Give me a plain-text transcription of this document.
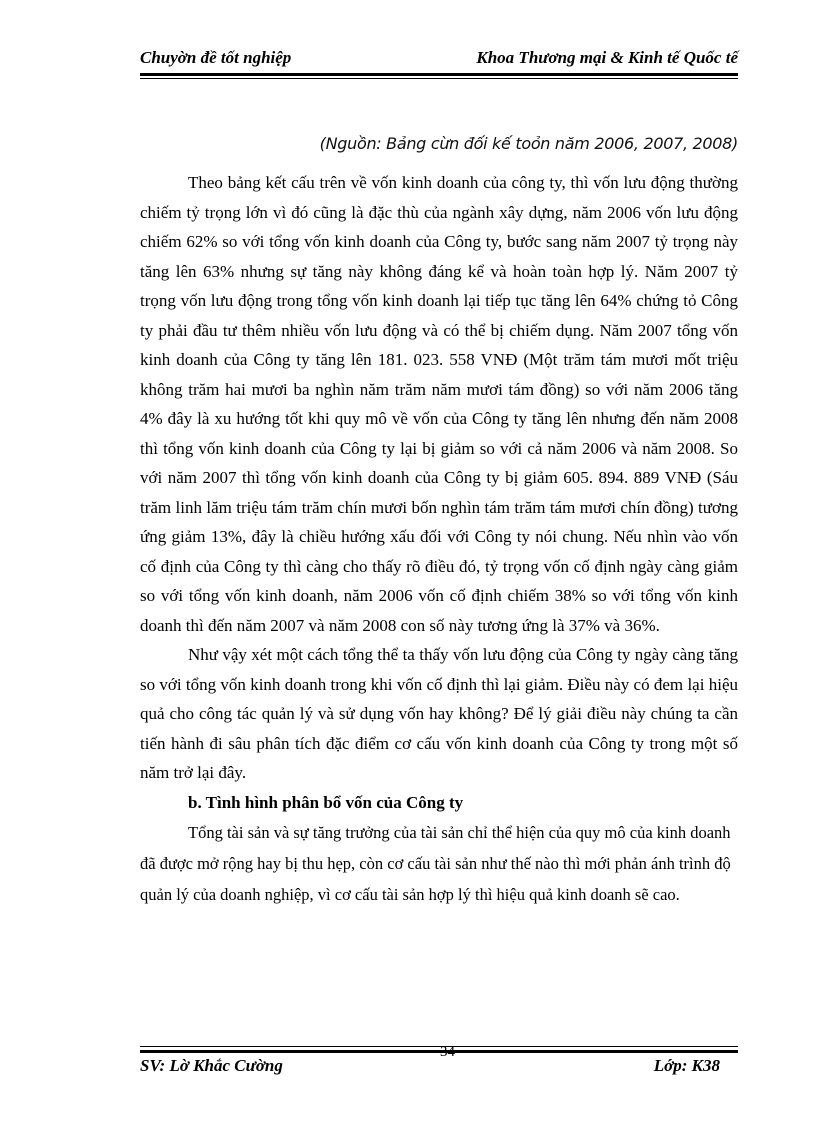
Chuyờn đề tốt nghiệp	Khoa Thương mại & Kinh tế Quốc tế
(Nguồn: Bảng cừn đối kế toỏn năm 2006, 2007, 2008)

Theo bảng kết cấu trên về vốn kinh doanh của công ty, thì vốn lưu động thường chiếm tỷ trọng lớn vì đó cũng là đặc thù của ngành xây dựng, năm 2006 vốn lưu động chiếm 62% so với tổng vốn kinh doanh của Công ty, bước sang năm 2007 tỷ trọng này tăng lên 63% nhưng sự tăng này không đáng kể và hoàn toàn hợp lý. Năm 2007 tỷ trọng vốn lưu động trong tổng vốn kinh doanh lại tiếp tục tăng lên 64% chứng tỏ Công ty phải đầu tư thêm nhiều vốn lưu động và có thể bị chiếm dụng. Năm 2007 tổng vốn kinh doanh của Công ty tăng lên 181. 023. 558 VNĐ (Một trăm tám mươi mốt triệu không trăm hai mươi ba nghìn năm trăm năm mươi tám đồng) so với năm 2006 tăng 4% đây là xu hướng tốt khi quy mô về vốn của Công ty tăng lên nhưng đến năm 2008 thì tổng vốn kinh doanh của Công ty lại bị giảm so với cả năm 2006 và năm 2008. So với năm 2007 thì tổng vốn kinh doanh của Công ty bị giảm 605. 894. 889 VNĐ (Sáu trăm linh lăm triệu tám trăm chín mươi bốn nghìn tám trăm tám mươi chín đồng) tương ứng giảm 13%, đây là chiều hướng xấu đối với Công ty nói chung. Nếu nhìn vào vốn cố định của Công ty thì càng cho thấy rõ điều đó, tỷ trọng vốn cố định ngày càng giảm so với tổng vốn kinh doanh, năm 2006 vốn cố định chiếm 38% so với tổng vốn kinh doanh thì đến năm 2007 và năm 2008 con số này tương ứng là 37% và 36%.

Như vậy xét một cách tổng thể ta thấy vốn lưu động của Công ty ngày càng tăng so với tổng vốn kinh doanh trong khi vốn cố định thì lại giảm. Điều này có đem lại hiệu quả cho công tác quản lý và sử dụng vốn hay không? Để lý giải điều này chúng ta cần tiến hành đi sâu phân tích đặc điểm cơ cấu vốn kinh doanh của Công ty trong một số năm trở lại đây.

b. Tình hình phân bổ vốn của Công ty

Tổng tài sản và sự tăng trưởng của tài sản chỉ thể hiện của quy mô của kinh doanh đã được mở rộng hay bị thu hẹp, còn cơ cấu tài sản như thế nào thì mới phản ánh trình độ quản lý của doanh nghiệp, vì cơ cấu tài sản hợp lý thì hiệu quả kinh doanh sẽ cao.

34
SV: Lờ Khắc Cường	Lớp: K38
